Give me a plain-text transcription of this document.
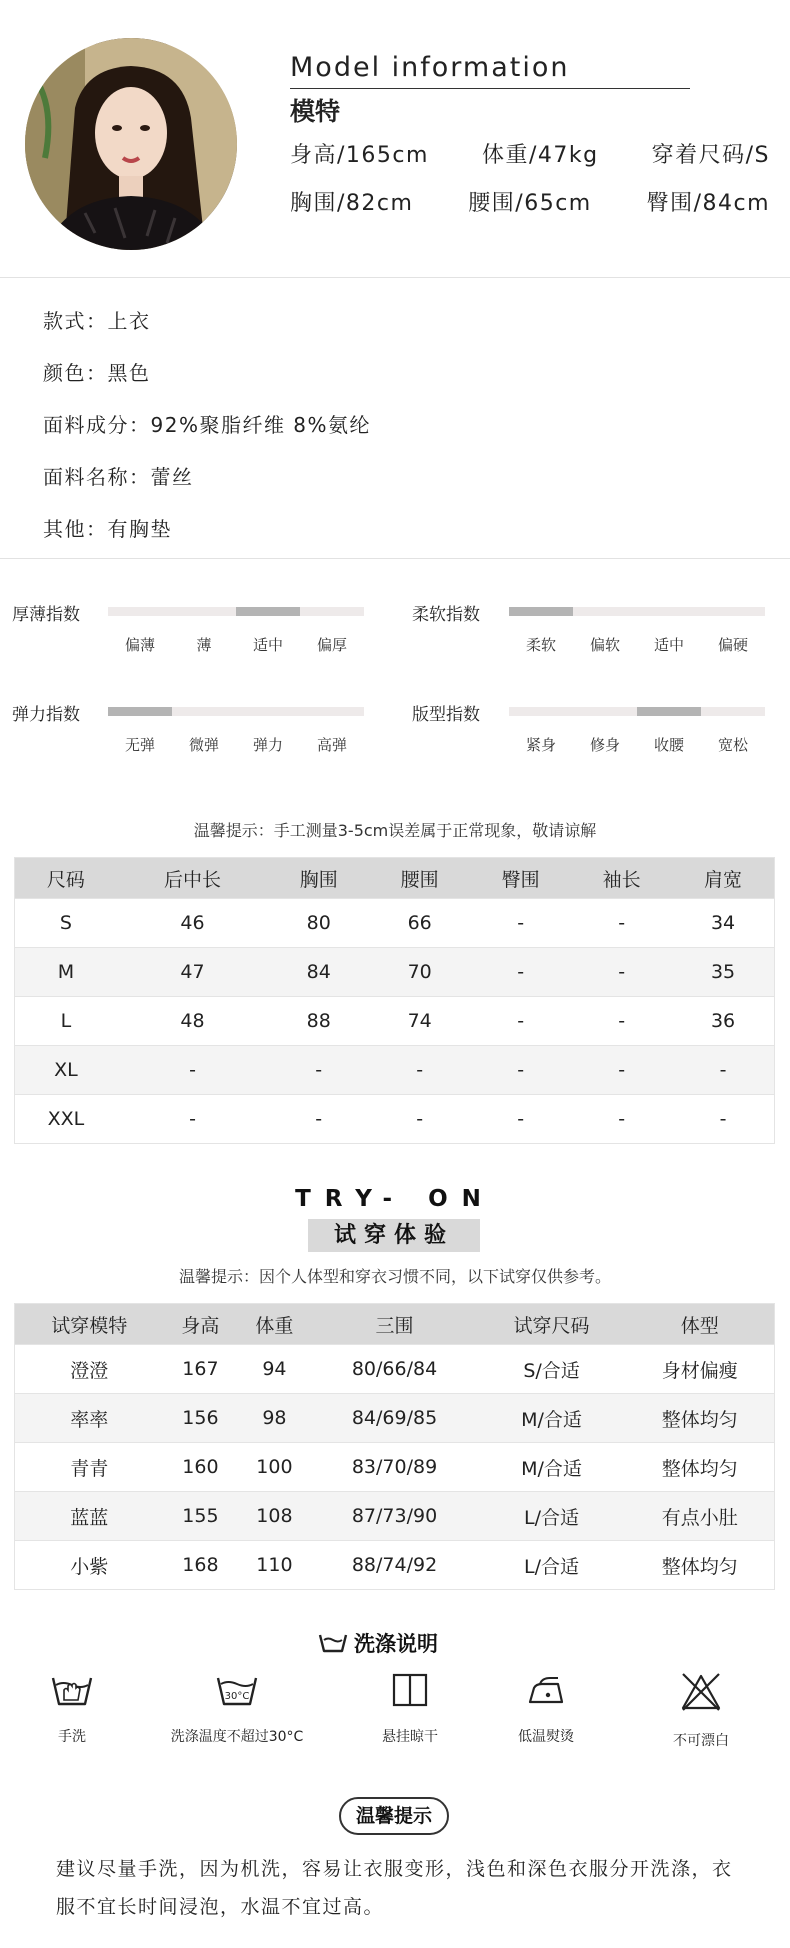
Model information
模特
身高/165cm 体重/47kg 穿着尺码/S
胸围/82cm 腰围/65cm 臀围/84cm
款式：上衣
颜色：黑色
面料成分：92%聚脂纤维 8%氨纶
面料名称：蕾丝
其他：有胸垫
厚薄指数
偏薄	薄	适中	偏厚
柔软指数
柔软	偏软	适中	偏硬
弹力指数
无弹	微弹	弹力	高弹
版型指数
紧身	修身	收腰	宽松
温馨提示：手工测量3-5cm误差属于正常现象，敬请谅解
尺码	后中长	胸围	腰围	臀围	袖长	肩宽
S	46	80	66	-	-	34
M	47	84	70	-	-	35
L	48	88	74	-	-	36
XL	-	-	-	-	-	-
XXL	-	-	-	-	-	-
TRY- ON
试穿体验
温馨提示：因个人体型和穿衣习惯不同，以下试穿仅供参考。
试穿模特	身高	体重	三围	试穿尺码	体型
澄澄	167	94	80/66/84	S/合适	身材偏瘦
率率	156	98	84/69/85	M/合适	整体均匀
青青	160	100	83/70/89	M/合适	整体均匀
蓝蓝	155	108	87/73/90	L/合适	有点小肚
小紫	168	110	88/74/92	L/合适	整体均匀
洗涤说明
手洗
30°C
洗涤温度不超过30°C	悬挂晾干	低温熨烫	不可漂白
温馨提示
建议尽量手洗，因为机洗，容易让衣服变形，浅色和深色衣服分开洗涤，衣服不宜长时间浸泡，水温不宜过高。
